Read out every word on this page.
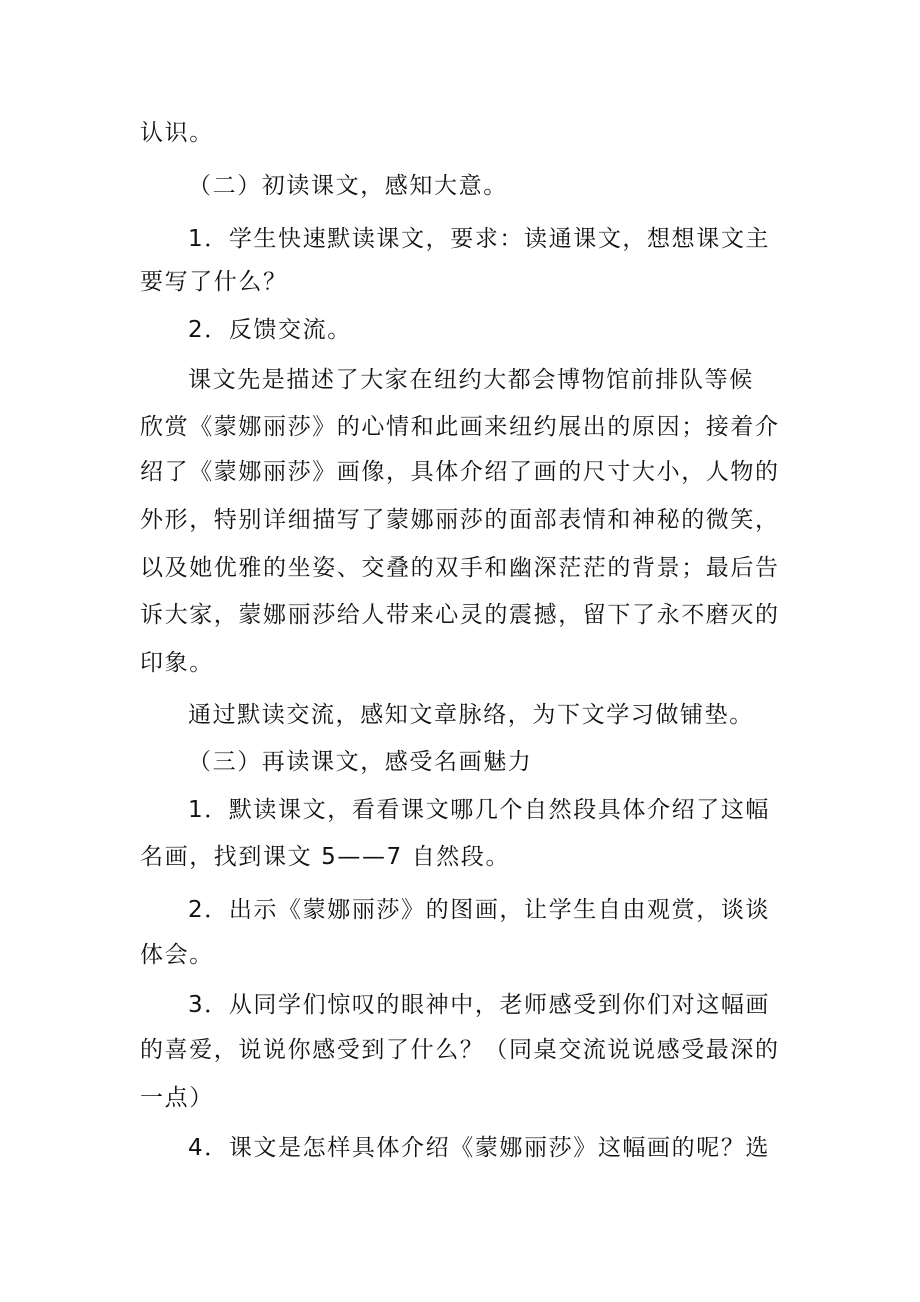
认识。
（二）初读课文，感知大意。
1．学生快速默读课文，要求：读通课文，想想课文主
要写了什么？
2．反馈交流。
课文先是描述了大家在纽约大都会博物馆前排队等候
欣赏《蒙娜丽莎》的心情和此画来纽约展出的原因；接着介
绍了《蒙娜丽莎》画像，具体介绍了画的尺寸大小，人物的
外形，特别详细描写了蒙娜丽莎的面部表情和神秘的微笑，
以及她优雅的坐姿、交叠的双手和幽深茫茫的背景；最后告
诉大家，蒙娜丽莎给人带来心灵的震撼，留下了永不磨灭的
印象。
通过默读交流，感知文章脉络，为下文学习做铺垫。
（三）再读课文，感受名画魅力
1．默读课文，看看课文哪几个自然段具体介绍了这幅
名画，找到课文 5——7 自然段。
2．出示《蒙娜丽莎》的图画，让学生自由观赏，谈谈
体会。
3．从同学们惊叹的眼神中，老师感受到你们对这幅画
的喜爱，说说你感受到了什么？（同桌交流说说感受最深的
一点）
4．课文是怎样具体介绍《蒙娜丽莎》这幅画的呢？选
